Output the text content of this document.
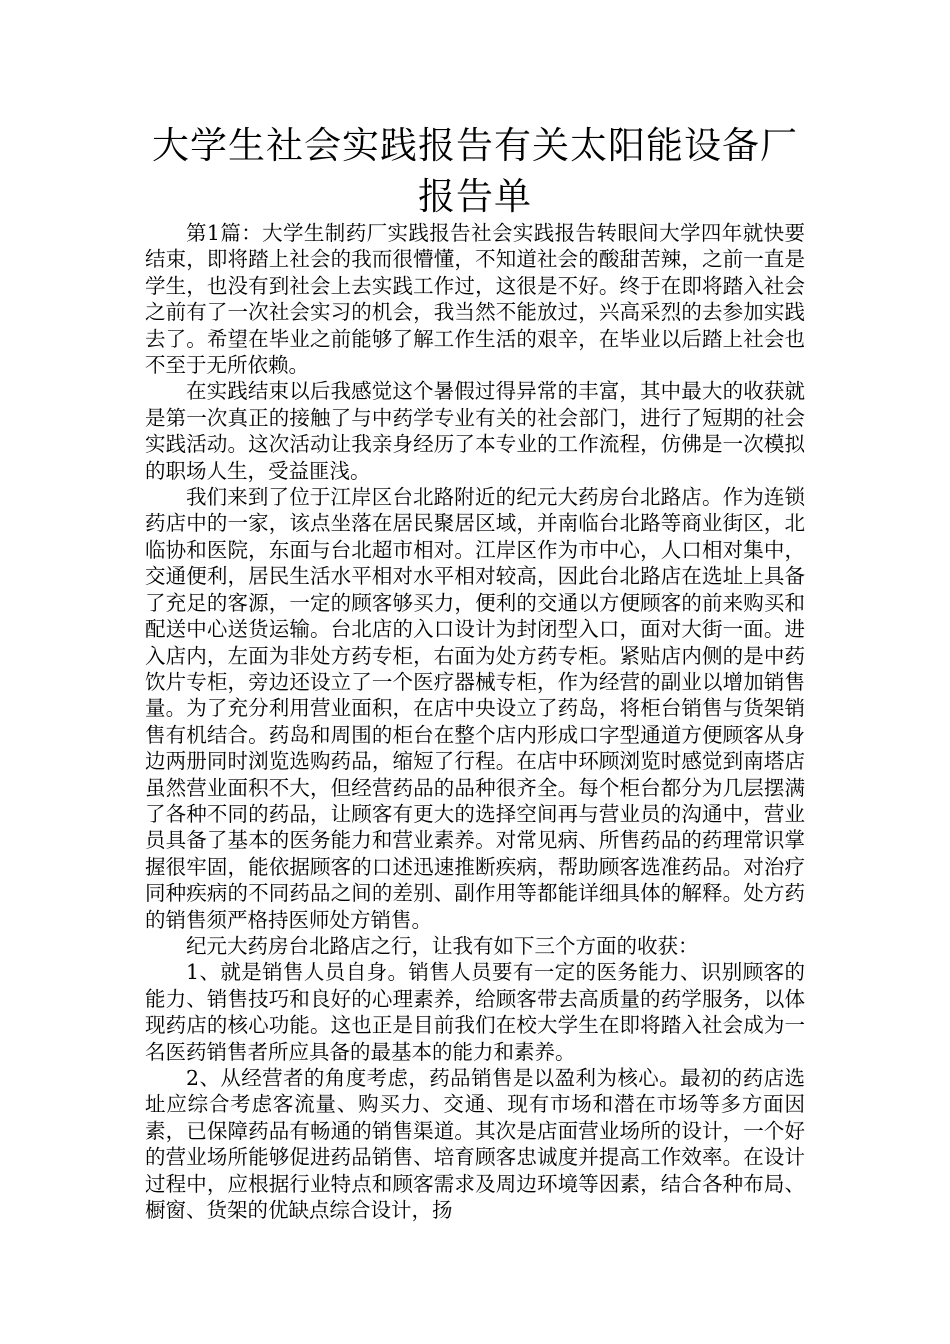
大学生社会实践报告有关太阳能设备厂报告单

第1篇：大学生制药厂实践报告社会实践报告转眼间大学四年就快要结束，即将踏上社会的我而很懵懂，不知道社会的酸甜苦辣，之前一直是学生，也没有到社会上去实践工作过，这很是不好。终于在即将踏入社会之前有了一次社会实习的机会，我当然不能放过，兴高采烈的去参加实践去了。希望在毕业之前能够了解工作生活的艰辛，在毕业以后踏上社会也不至于无所依赖。

在实践结束以后我感觉这个暑假过得异常的丰富，其中最大的收获就是第一次真正的接触了与中药学专业有关的社会部门，进行了短期的社会实践活动。这次活动让我亲身经历了本专业的工作流程，仿佛是一次模拟的职场人生，受益匪浅。

我们来到了位于江岸区台北路附近的纪元大药房台北路店。作为连锁药店中的一家，该点坐落在居民聚居区域，并南临台北路等商业街区，北临协和医院，东面与台北超市相对。江岸区作为市中心，人口相对集中，交通便利，居民生活水平相对水平相对较高，因此台北路店在选址上具备了充足的客源，一定的顾客够买力，便利的交通以方便顾客的前来购买和配送中心送货运输。台北店的入口设计为封闭型入口，面对大街一面。进入店内，左面为非处方药专柜，右面为处方药专柜。紧贴店内侧的是中药饮片专柜，旁边还设立了一个医疗器械专柜，作为经营的副业以增加销售量。为了充分利用营业面积，在店中央设立了药岛，将柜台销售与货架销售有机结合。药岛和周围的柜台在整个店内形成口字型通道方便顾客从身边两册同时浏览选购药品，缩短了行程。在店中环顾浏览时感觉到南塔店虽然营业面积不大，但经营药品的品种很齐全。每个柜台都分为几层摆满了各种不同的药品，让顾客有更大的选择空间再与营业员的沟通中，营业员具备了基本的医务能力和营业素养。对常见病、所售药品的药理常识掌握很牢固，能依据顾客的口述迅速推断疾病，帮助顾客选准药品。对治疗同种疾病的不同药品之间的差别、副作用等都能详细具体的解释。处方药的销售须严格持医师处方销售。

纪元大药房台北路店之行，让我有如下三个方面的收获：

1、就是销售人员自身。销售人员要有一定的医务能力、识别顾客的能力、销售技巧和良好的心理素养，给顾客带去高质量的药学服务，以体现药店的核心功能。这也正是目前我们在校大学生在即将踏入社会成为一名医药销售者所应具备的最基本的能力和素养。

2、从经营者的角度考虑，药品销售是以盈利为核心。最初的药店选址应综合考虑客流量、购买力、交通、现有市场和潜在市场等多方面因素，已保障药品有畅通的销售渠道。其次是店面营业场所的设计，一个好的营业场所能够促进药品销售、培育顾客忠诚度并提高工作效率。在设计过程中，应根据行业特点和顾客需求及周边环境等因素，结合各种布局、橱窗、货架的优缺点综合设计，扬
